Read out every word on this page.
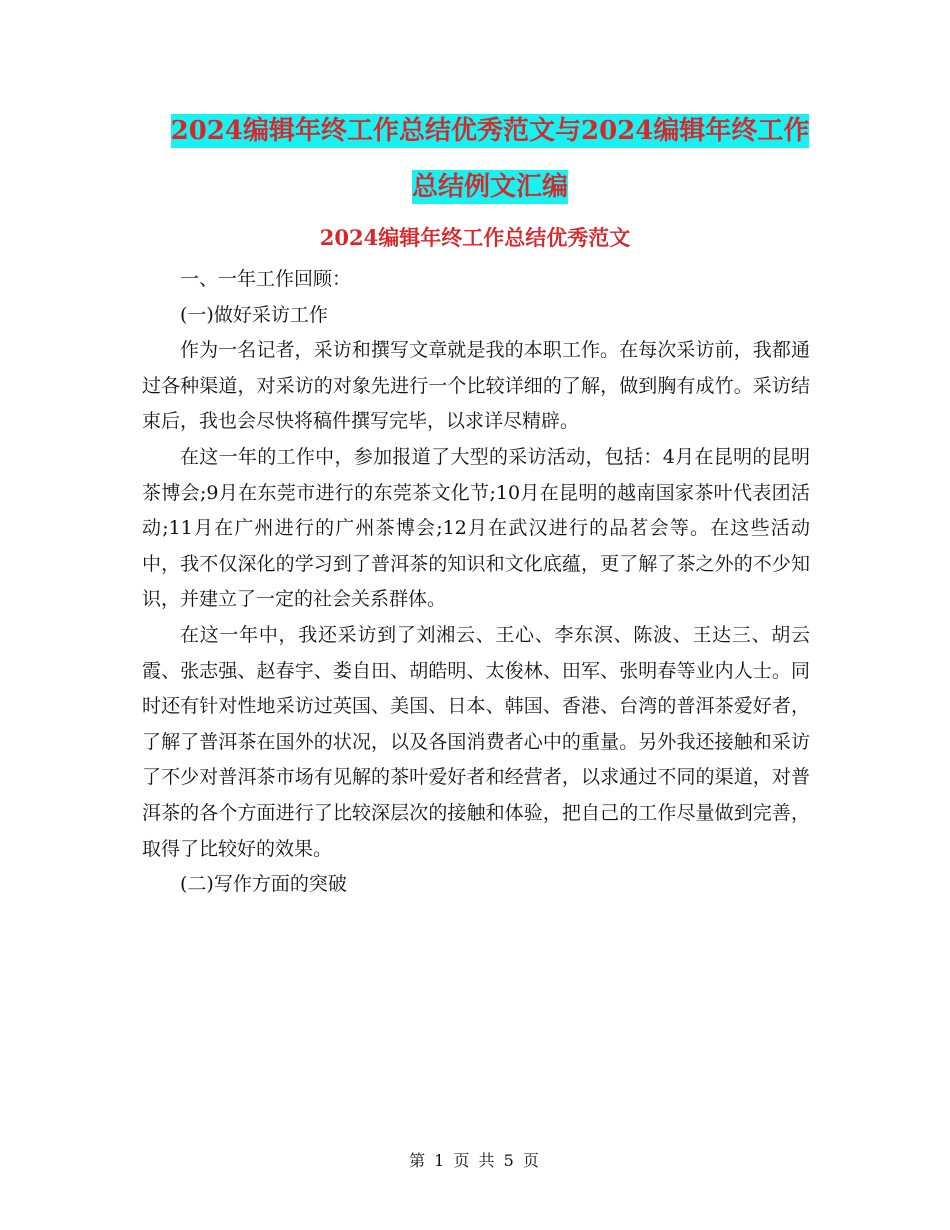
2024编辑年终工作总结优秀范文与2024编辑年终工作
总结例文汇编
2024编辑年终工作总结优秀范文

一、一年工作回顾：

(一)做好采访工作

作为一名记者，采访和撰写文章就是我的本职工作。在每次采访前，我都通过各种渠道，对采访的对象先进行一个比较详细的了解，做到胸有成竹。采访结束后，我也会尽快将稿件撰写完毕，以求详尽精辟。

在这一年的工作中，参加报道了大型的采访活动，包括：4月在昆明的昆明茶博会;9月在东莞市进行的东莞茶文化节;10月在昆明的越南国家茶叶代表团活动;11月在广州进行的广州茶博会;12月在武汉进行的品茗会等。在这些活动中，我不仅深化的学习到了普洱茶的知识和文化底蕴，更了解了茶之外的不少知识，并建立了一定的社会关系群体。

在这一年中，我还采访到了刘湘云、王心、李东溟、陈波、王达三、胡云霞、张志强、赵春宇、娄自田、胡皓明、太俊林、田军、张明春等业内人士。同时还有针对性地采访过英国、美国、日本、韩国、香港、台湾的普洱茶爱好者，了解了普洱茶在国外的状况，以及各国消费者心中的重量。另外我还接触和采访了不少对普洱茶市场有见解的茶叶爱好者和经营者，以求通过不同的渠道，对普洱茶的各个方面进行了比较深层次的接触和体验，把自己的工作尽量做到完善，取得了比较好的效果。

(二)写作方面的突破

第 1 页 共 5 页
